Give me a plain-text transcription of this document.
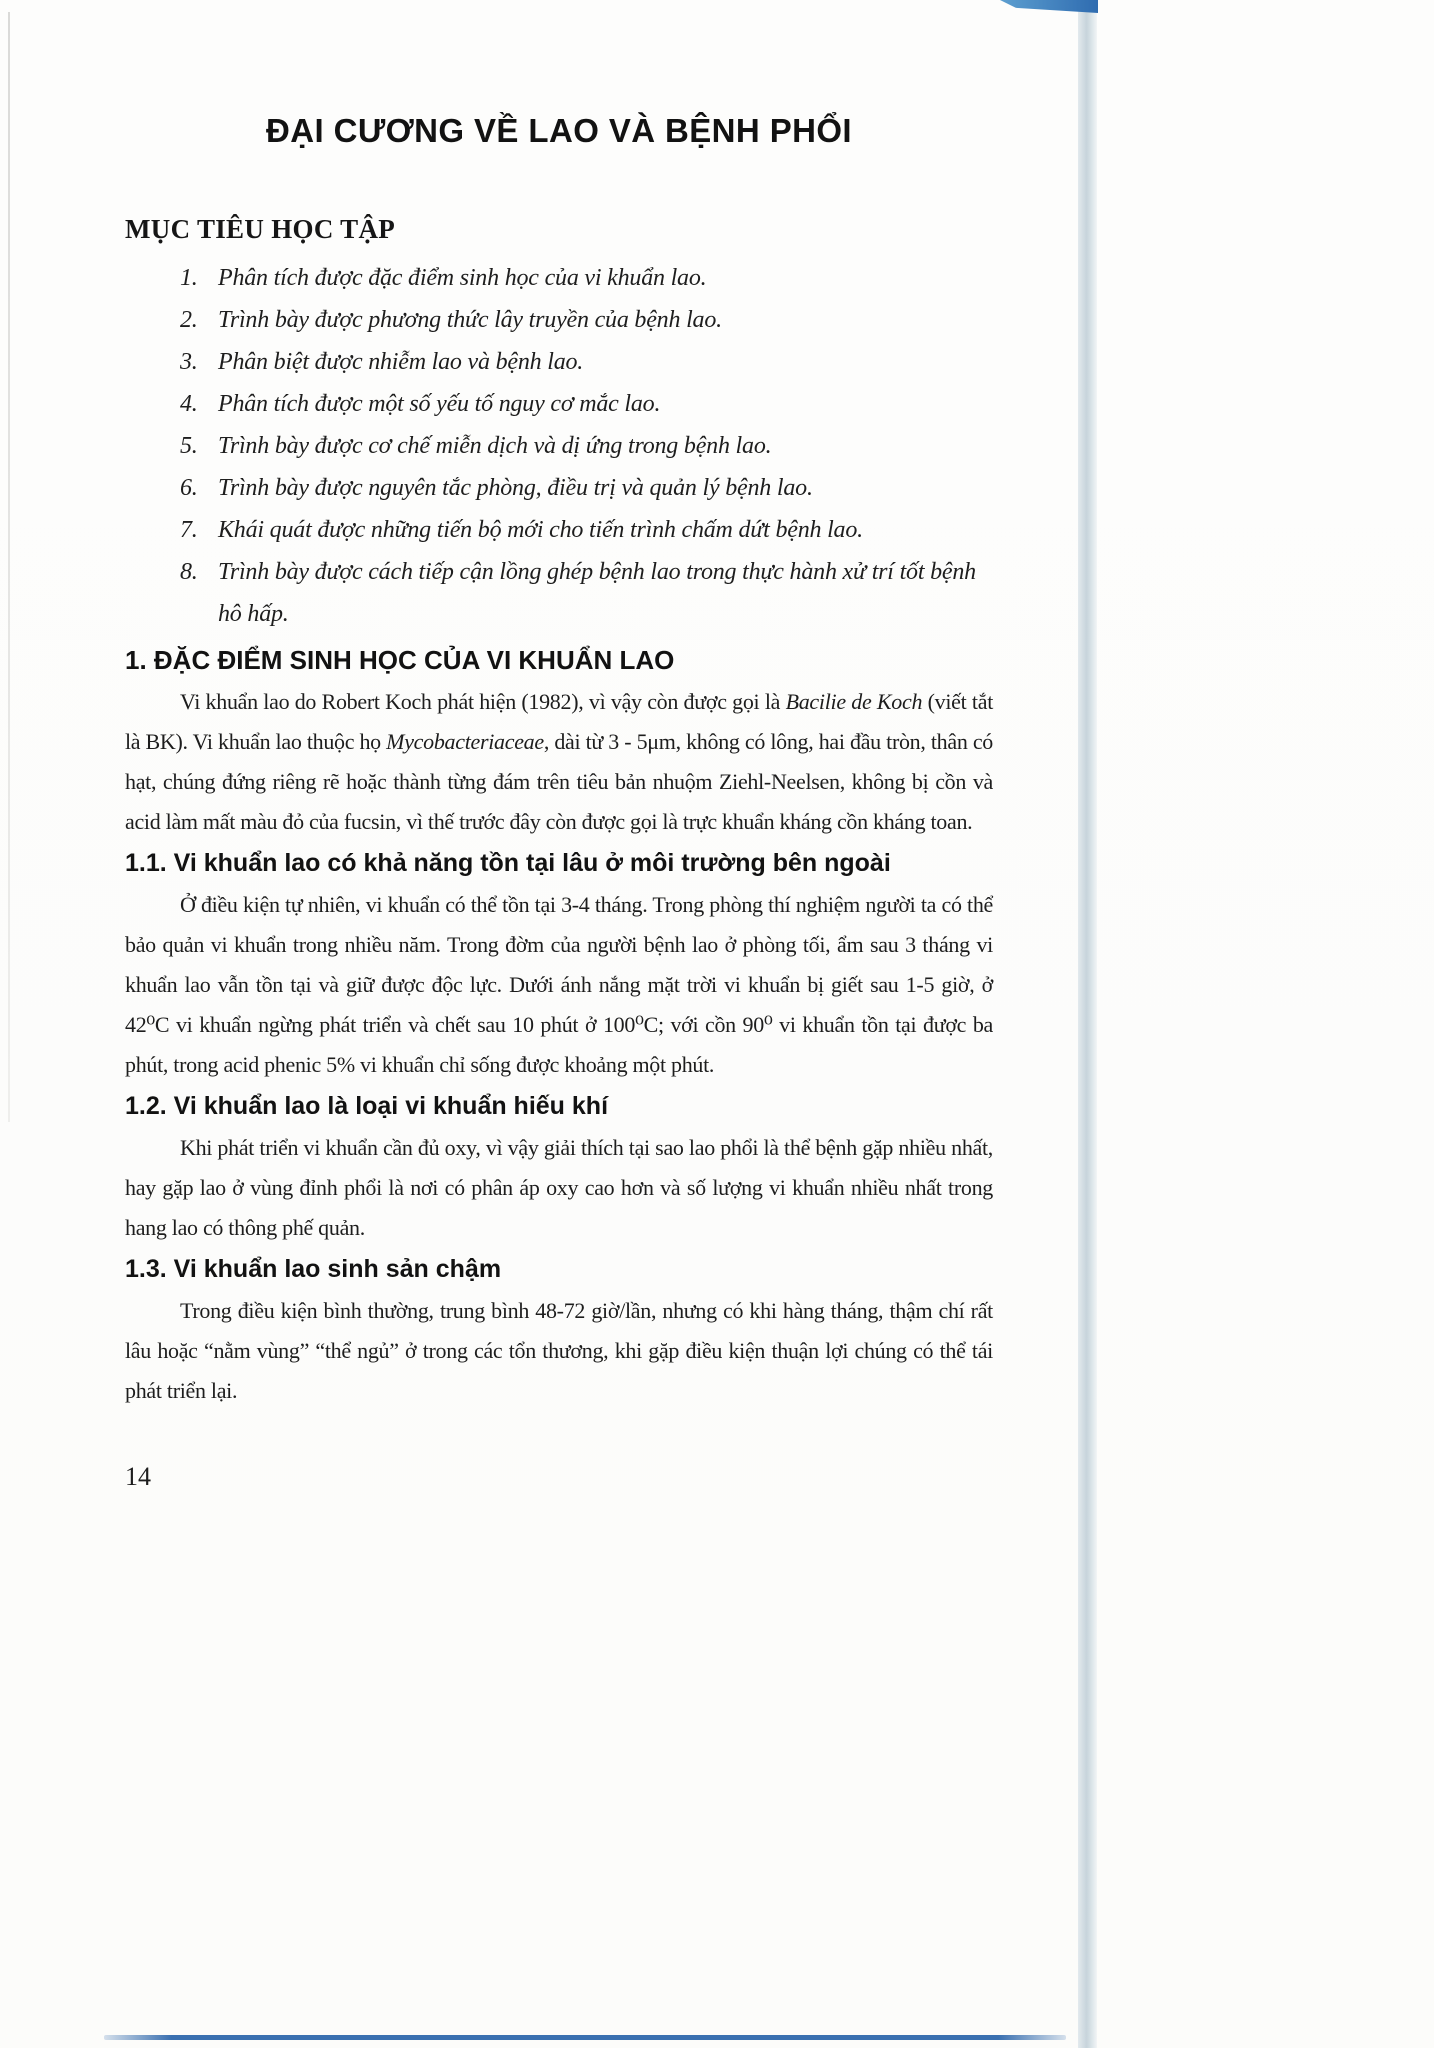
ĐẠI CƯƠNG VỀ LAO VÀ BỆNH PHỔI
MỤC TIÊU HỌC TẬP
1. Phân tích được đặc điểm sinh học của vi khuẩn lao.
2. Trình bày được phương thức lây truyền của bệnh lao.
3. Phân biệt được nhiễm lao và bệnh lao.
4. Phân tích được một số yếu tố nguy cơ mắc lao.
5. Trình bày được cơ chế miễn dịch và dị ứng trong bệnh lao.
6. Trình bày được nguyên tắc phòng, điều trị và quản lý bệnh lao.
7. Khái quát được những tiến bộ mới cho tiến trình chấm dứt bệnh lao.
8. Trình bày được cách tiếp cận lồng ghép bệnh lao trong thực hành xử trí tốt bệnh hô hấp.
1. ĐẶC ĐIỂM SINH HỌC CỦA VI KHUẨN LAO

Vi khuẩn lao do Robert Koch phát hiện (1982), vì vậy còn được gọi là Bacilie de Koch (viết tắt là BK). Vi khuẩn lao thuộc họ Mycobacteriaceae, dài từ 3 - 5μm, không có lông, hai đầu tròn, thân có hạt, chúng đứng riêng rẽ hoặc thành từng đám trên tiêu bản nhuộm Ziehl-Neelsen, không bị cồn và acid làm mất màu đỏ của fucsin, vì thế trước đây còn được gọi là trực khuẩn kháng cồn kháng toan.

1.1. Vi khuẩn lao có khả năng tồn tại lâu ở môi trường bên ngoài

Ở điều kiện tự nhiên, vi khuẩn có thể tồn tại 3-4 tháng. Trong phòng thí nghiệm người ta có thể bảo quản vi khuẩn trong nhiều năm. Trong đờm của người bệnh lao ở phòng tối, ẩm sau 3 tháng vi khuẩn lao vẫn tồn tại và giữ được độc lực. Dưới ánh nắng mặt trời vi khuẩn bị giết sau 1-5 giờ, ở 42⁰C vi khuẩn ngừng phát triển và chết sau 10 phút ở 100⁰C; với cồn 90⁰ vi khuẩn tồn tại được ba phút, trong acid phenic 5% vi khuẩn chỉ sống được khoảng một phút.

1.2. Vi khuẩn lao là loại vi khuẩn hiếu khí

Khi phát triển vi khuẩn cần đủ oxy, vì vậy giải thích tại sao lao phổi là thể bệnh gặp nhiều nhất, hay gặp lao ở vùng đỉnh phổi là nơi có phân áp oxy cao hơn và số lượng vi khuẩn nhiều nhất trong hang lao có thông phế quản.

1.3. Vi khuẩn lao sinh sản chậm

Trong điều kiện bình thường, trung bình 48-72 giờ/lần, nhưng có khi hàng tháng, thậm chí rất lâu hoặc “nằm vùng” “thể ngủ” ở trong các tổn thương, khi gặp điều kiện thuận lợi chúng có thể tái phát triển lại.

14
